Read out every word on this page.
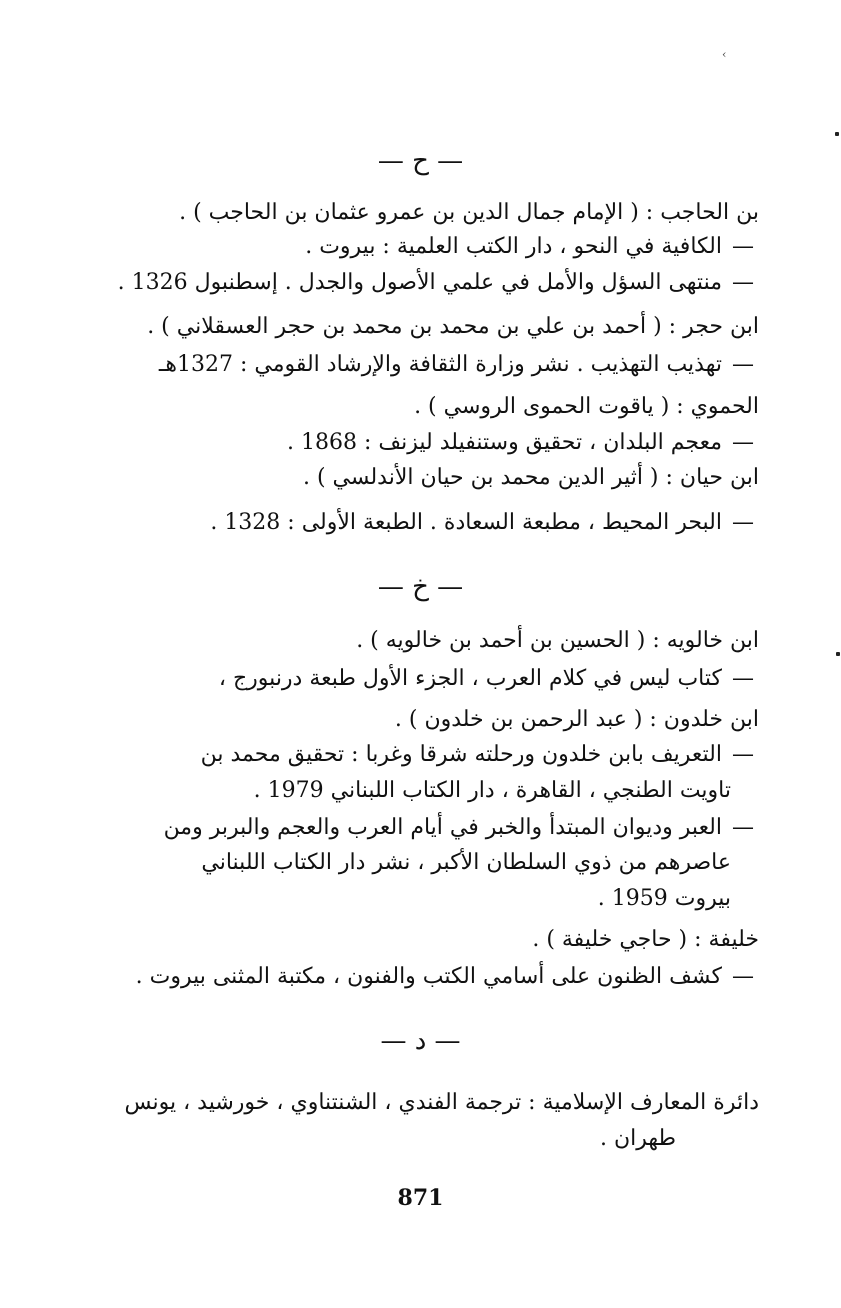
‹
— ح —
بن الحاجب : ( الإمام جمال الدين بن عمرو عثمان بن الحاجب ) .
—الكافية في النحو ، دار الكتب العلمية : بيروت .
—منتهى السؤل والأمل في علمي الأصول والجدل . إسطنبول 1326 .
ابن حجر : ( أحمد بن علي بن محمد بن محمد بن حجر العسقلاني ) .
—تهذيب التهذيب . نشر وزارة الثقافة والإرشاد القومي : 1327هـ
الحموي : ( ياقوت الحموى الروسي ) .
—معجم البلدان ، تحقيق وستنفيلد ليزنف : 1868 .
ابن حيان : ( أثير الدين محمد بن حيان الأندلسي ) .
—البحر المحيط ، مطبعة السعادة . الطبعة الأولى : 1328 .
— خ —
ابن خالويه : ( الحسين بن أحمد بن خالويه ) .
—كتاب ليس في كلام العرب ، الجزء الأول طبعة درنبورج ،
ابن خلدون : ( عبد الرحمن بن خلدون ) .
—التعريف بابن خلدون ورحلته شرقا وغربا : تحقيق محمد بن
تاويت الطنجي ، القاهرة ، دار الكتاب اللبناني 1979 .
—العبر وديوان المبتدأ والخبر في أيام العرب والعجم والبربر ومن
عاصرهم من ذوي السلطان الأكبر ، نشر دار الكتاب اللبناني
بيروت 1959 .
خليفة : ( حاجي خليفة ) .
—كشف الظنون على أسامي الكتب والفنون ، مكتبة المثنى بيروت .
— د —
دائرة المعارف الإسلامية : ترجمة الفندي ، الشنتناوي ، خورشيد ، يونس
طهران .
871
